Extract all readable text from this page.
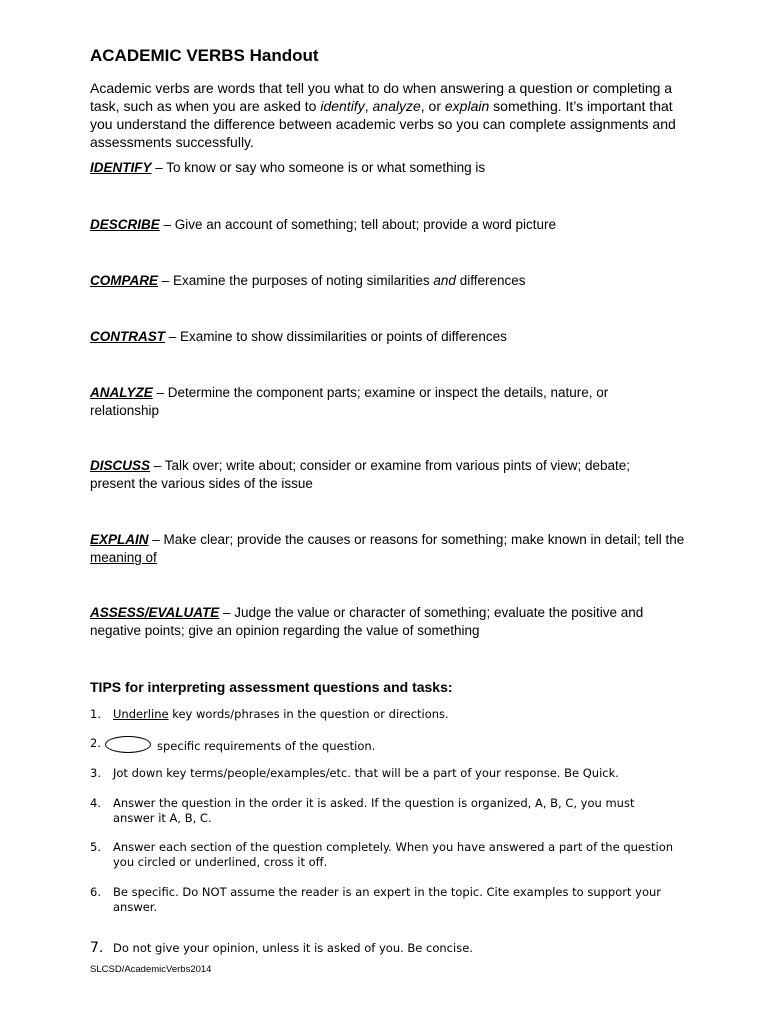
ACADEMIC VERBS Handout
Academic verbs are words that tell you what to do when answering a question or completing a task, such as when you are asked to identify, analyze, or explain something. It’s important that you understand the difference between academic verbs so you can complete assignments and assessments successfully.
IDENTIFY – To know or say who someone is or what something is
DESCRIBE – Give an account of something; tell about; provide a word picture
COMPARE – Examine the purposes of noting similarities and differences
CONTRAST – Examine to show dissimilarities or points of differences
ANALYZE – Determine the component parts; examine or inspect the details, nature, or relationship
DISCUSS – Talk over; write about; consider or examine from various pints of view; debate; present the various sides of the issue
EXPLAIN – Make clear; provide the causes or reasons for something; make known in detail; tell the meaning of
ASSESS/EVALUATE – Judge the value or character of something; evaluate the positive and negative points; give an opinion regarding the value of something
TIPS for interpreting assessment questions and tasks:
1.	Underline key words/phrases in the question or directions.
2.	specific requirements of the question.
3.	Jot down key terms/people/examples/etc. that will be a part of your response. Be Quick.
4.	Answer the question in the order it is asked. If the question is organized, A, B, C, you must answer it A, B, C.
5.	Answer each section of the question completely. When you have answered a part of the question you circled or underlined, cross it off.
6.	Be specific. Do NOT assume the reader is an expert in the topic. Cite examples to support your answer.
7. Do not give your opinion, unless it is asked of you. Be concise.
SLCSD/AcademicVerbs2014
